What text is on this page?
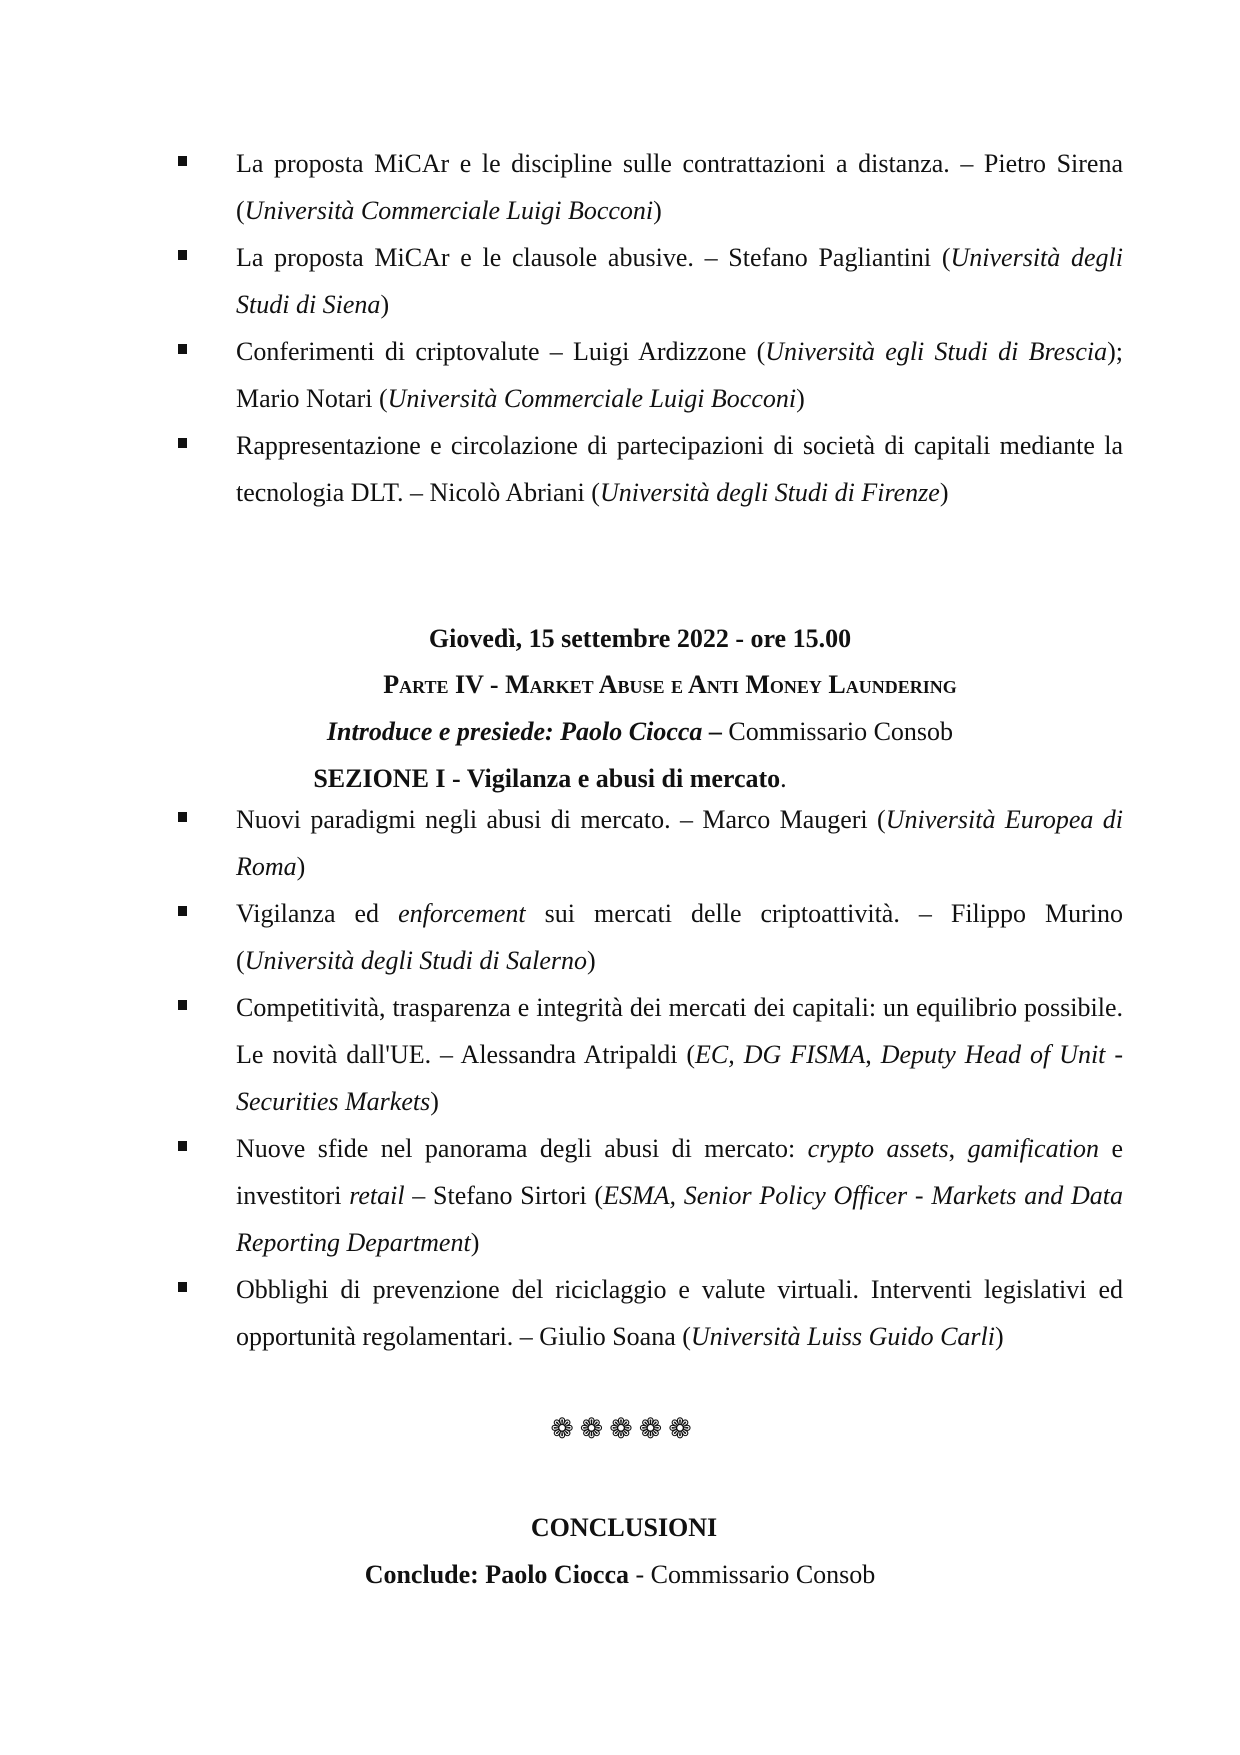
La proposta MiCAr e le discipline sulle contrattazioni a distanza. – Pietro Sirena (Università Commerciale Luigi Bocconi)
La proposta MiCAr e le clausole abusive. – Stefano Pagliantini (Università degli Studi di Siena)
Conferimenti di criptovalute – Luigi Ardizzone (Università egli Studi di Brescia); Mario Notari (Università Commerciale Luigi Bocconi)
Rappresentazione e circolazione di partecipazioni di società di capitali mediante la tecnologia DLT. – Nicolò Abriani (Università degli Studi di Firenze)
Giovedì, 15 settembre 2022 - ore 15.00
Parte IV - Market Abuse e Anti Money Laundering
Introduce e presiede: Paolo Ciocca – Commissario Consob
SEZIONE I - Vigilanza e abusi di mercato.
Nuovi paradigmi negli abusi di mercato. – Marco Maugeri (Università Europea di Roma)
Vigilanza ed enforcement sui mercati delle criptoattività. – Filippo Murino (Università degli Studi di Salerno)
Competitività, trasparenza e integrità dei mercati dei capitali: un equilibrio possibile. Le novità dall'UE. – Alessandra Atripaldi (EC, DG FISMA, Deputy Head of Unit - Securities Markets)
Nuove sfide nel panorama degli abusi di mercato: crypto assets, gamification e investitori retail – Stefano Sirtori (ESMA, Senior Policy Officer - Markets and Data Reporting Department)
Obblighi di prevenzione del riciclaggio e valute virtuali. Interventi legislativi ed opportunità regolamentari. – Giulio Soana (Università Luiss Guido Carli)
❁❁❁❁❁
CONCLUSIONI
Conclude: Paolo Ciocca - Commissario Consob
